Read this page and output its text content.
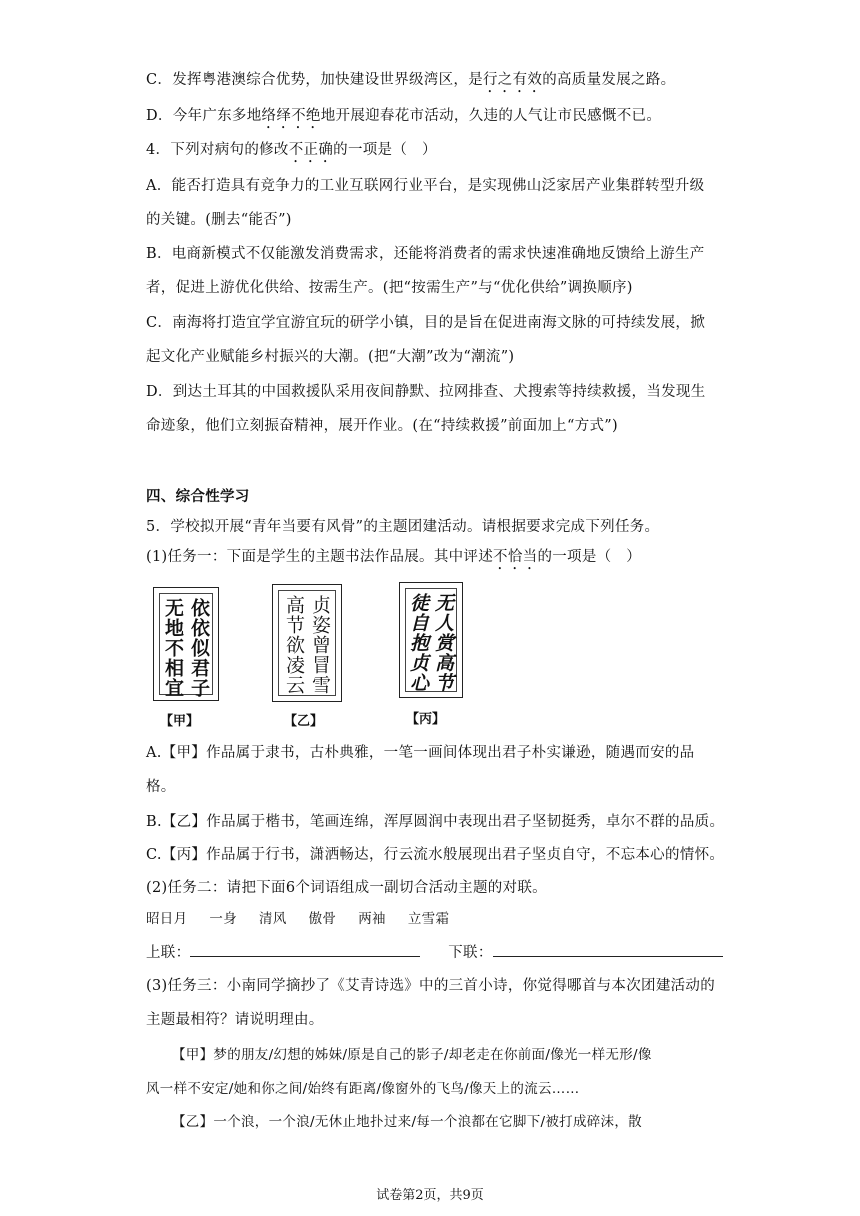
C．发挥粤港澳综合优势，加快建设世界级湾区，是行之有效的高质量发展之路。
D．今年广东多地络绎不绝地开展迎春花市活动，久违的人气让市民感慨不已。
4．下列对病句的修改不正确的一项是（　）
A．能否打造具有竞争力的工业互联网行业平台，是实现佛山泛家居产业集群转型升级
的关键。(删去“能否”)
B．电商新模式不仅能激发消费需求，还能将消费者的需求快速准确地反馈给上游生产
者，促进上游优化供给、按需生产。(把“按需生产”与“优化供给”调换顺序)
C．南海将打造宜学宜游宜玩的研学小镇，目的是旨在促进南海文脉的可持续发展，掀
起文化产业赋能乡村振兴的大潮。(把“大潮”改为“潮流”)
D．到达土耳其的中国救援队采用夜间静默、拉网排查、犬搜索等持续救援，当发现生
命迹象，他们立刻振奋精神，展开作业。(在“持续救援”前面加上“方式”)
四、综合性学习
5．学校拟开展“青年当要有风骨”的主题团建活动。请根据要求完成下列任务。
(1)任务一：下面是学生的主题书法作品展。其中评述不恰当的一项是（　）
依依似君子
无地不相宜
【甲】
贞姿曾冒雪
高节欲凌云
【乙】
无人赏高节
徒自抱贞心
【丙】
A.【甲】作品属于隶书，古朴典雅，一笔一画间体现出君子朴实谦逊，随遇而安的品
格。
B.【乙】作品属于楷书，笔画连绵，浑厚圆润中表现出君子坚韧挺秀，卓尔不群的品质。
C.【丙】作品属于行书，潇洒畅达，行云流水般展现出君子坚贞自守，不忘本心的情怀。
(2)任务二：请把下面6个词语组成一副切合活动主题的对联。
昭日月 一身 清风 傲骨 两袖 立雪霜
上联：	下联：
(3)任务三：小南同学摘抄了《艾青诗选》中的三首小诗，你觉得哪首与本次团建活动的
主题最相符？请说明理由。
【甲】梦的朋友/幻想的姊妹/原是自己的影子/却老走在你前面/像光一样无形/像
风一样不安定/她和你之间/始终有距离/像窗外的飞鸟/像天上的流云……
【乙】一个浪，一个浪/无休止地扑过来/每一个浪都在它脚下/被打成碎沫，散
试卷第2页，共9页
